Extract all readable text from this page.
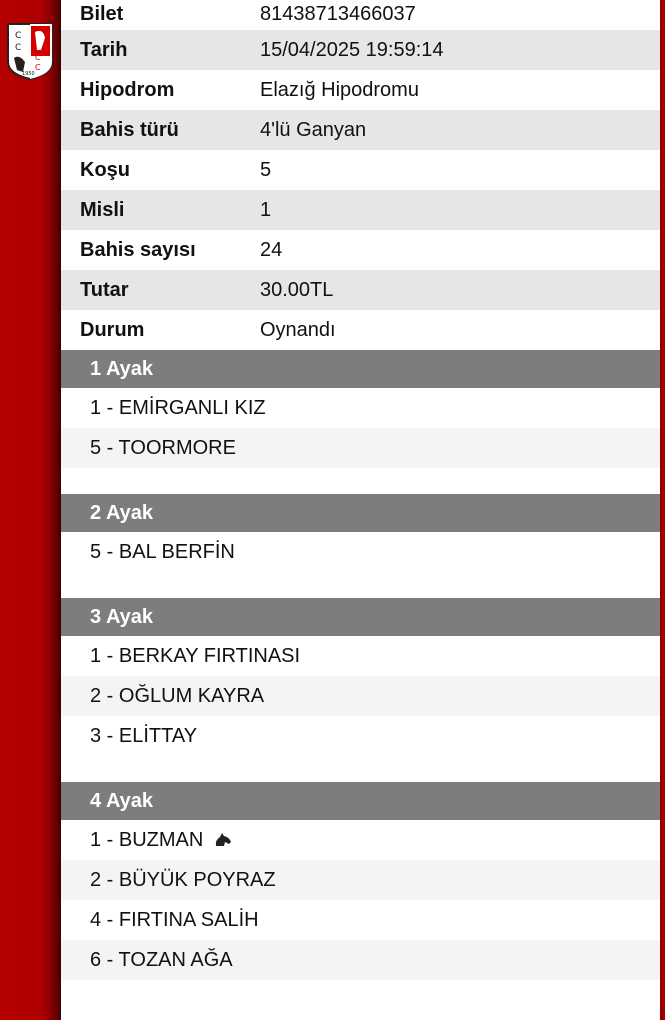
C
C
C
C
1950
Bilet	81438713466037
Tarih	15/04/2025 19:59:14
Hipodrom	Elazığ Hipodromu
Bahis türü	4'lü Ganyan
Koşu	5
Misli	1
Bahis sayısı	24
Tutar	30.00TL
Durum	Oynandı
1 Ayak
1 - EMİRGANLI KIZ
5 - TOORMORE
2 Ayak
5 - BAL BERFİN
3 Ayak
1 - BERKAY FIRTINASI
2 - OĞLUM KAYRA
3 - ELİTTAY
4 Ayak
1 - BUZMAN
2 - BÜYÜK POYRAZ
4 - FIRTINA SALİH
6 - TOZAN AĞA
